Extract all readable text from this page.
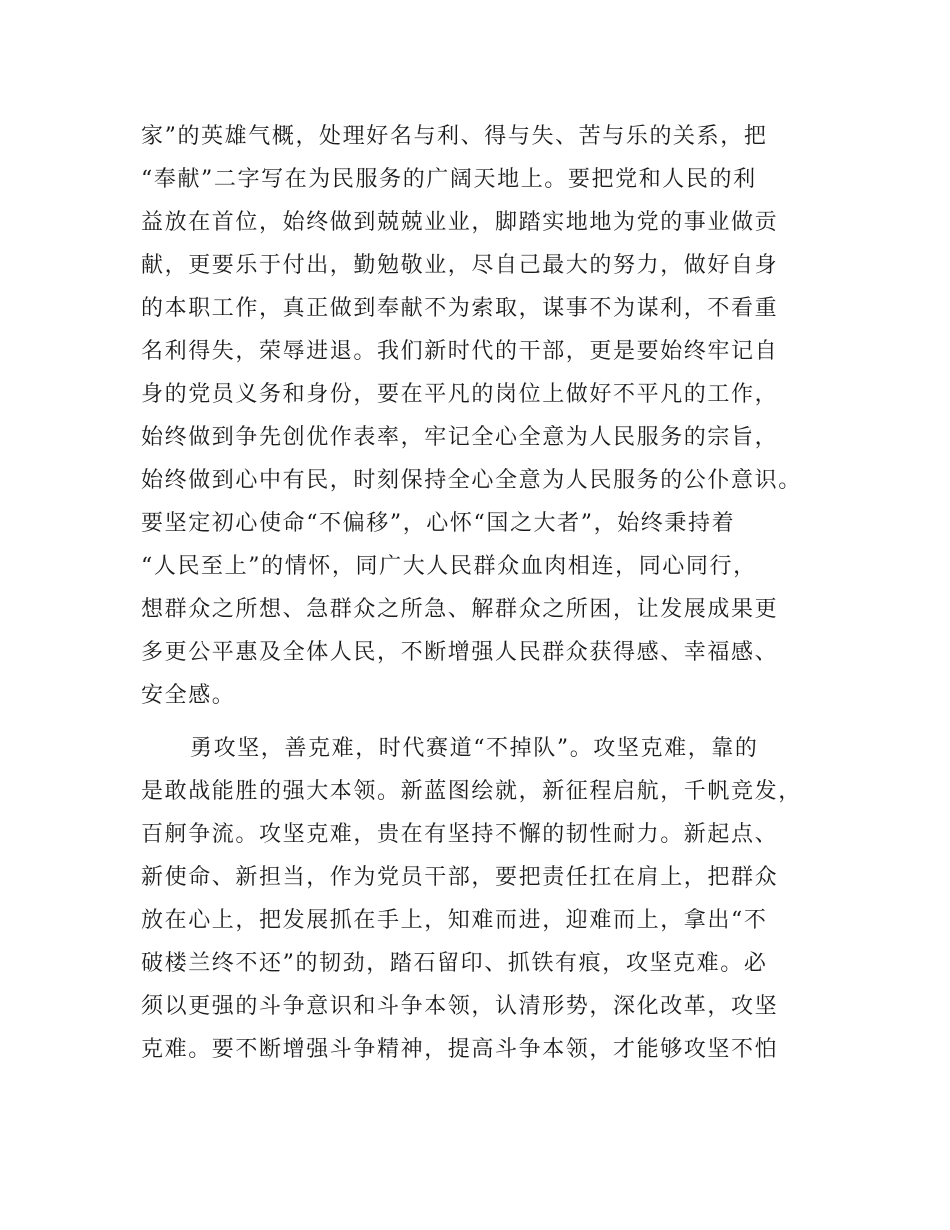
家”的英雄气概，处理好名与利、得与失、苦与乐的关系，把
“奉献”二字写在为民服务的广阔天地上。要把党和人民的利
益放在首位，始终做到兢兢业业，脚踏实地地为党的事业做贡
献，更要乐于付出，勤勉敬业，尽自己最大的努力，做好自身
的本职工作，真正做到奉献不为索取，谋事不为谋利，不看重
名利得失，荣辱进退。我们新时代的干部，更是要始终牢记自
身的党员义务和身份，要在平凡的岗位上做好不平凡的工作，
始终做到争先创优作表率，牢记全心全意为人民服务的宗旨，
始终做到心中有民，时刻保持全心全意为人民服务的公仆意识。
要坚定初心使命“不偏移”，心怀“国之大者”，始终秉持着
“人民至上”的情怀，同广大人民群众血肉相连，同心同行，
想群众之所想、急群众之所急、解群众之所困，让发展成果更
多更公平惠及全体人民，不断增强人民群众获得感、幸福感、
安全感。
勇攻坚，善克难，时代赛道“不掉队”。攻坚克难，靠的
是敢战能胜的强大本领。新蓝图绘就，新征程启航，千帆竞发，
百舸争流。攻坚克难，贵在有坚持不懈的韧性耐力。新起点、
新使命、新担当，作为党员干部，要把责任扛在肩上，把群众
放在心上，把发展抓在手上，知难而进，迎难而上，拿出“不
破楼兰终不还”的韧劲，踏石留印、抓铁有痕，攻坚克难。必
须以更强的斗争意识和斗争本领，认清形势，深化改革，攻坚
克难。要不断增强斗争精神，提高斗争本领，才能够攻坚不怕
